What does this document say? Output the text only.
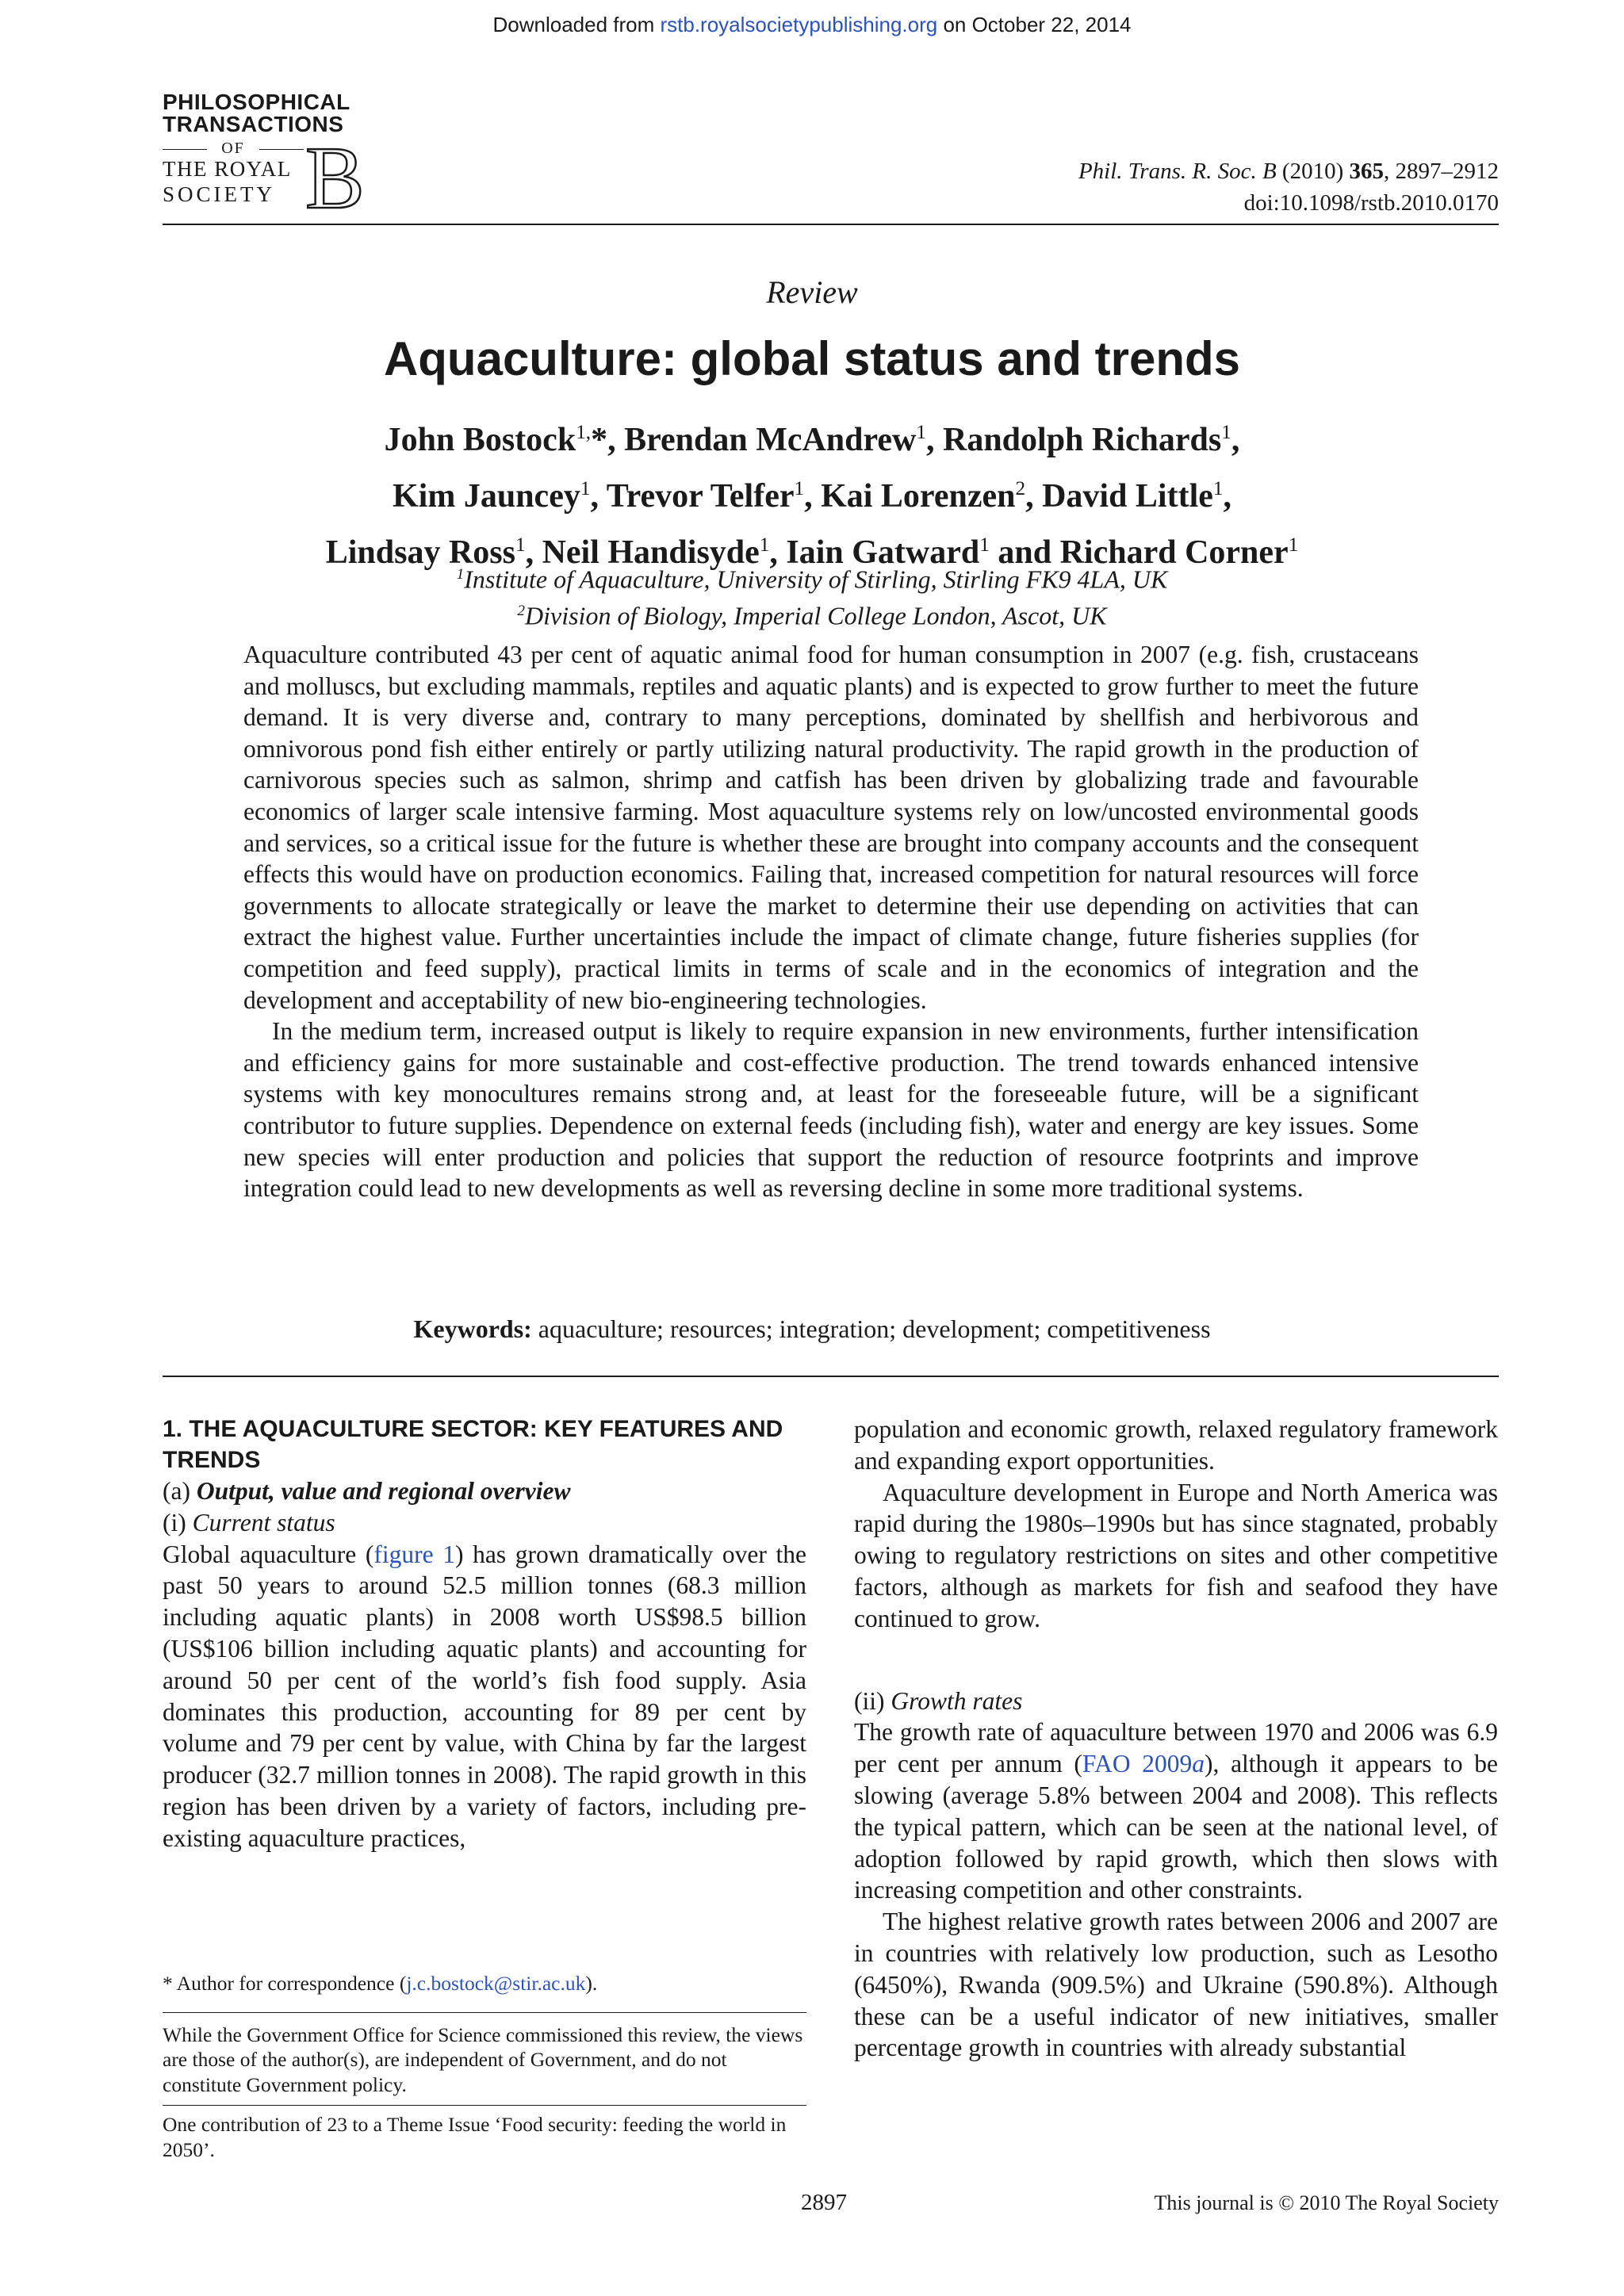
Downloaded from rstb.royalsocietypublishing.org on October 22, 2014
PHILOSOPHICAL
TRANSACTIONS
OF
THE ROYAL
SOCIETY B	Phil. Trans. R. Soc. B (2010) 365, 2897–2912
doi:10.1098/rstb.2010.0170
Review
Aquaculture: global status and trends
John Bostock$^{1,}$*, Brendan McAndrew$^1$, Randolph Richards$^1$,
Kim Jauncey$^1$, Trevor Telfer$^1$, Kai Lorenzen$^2$, David Little$^1$,
Lindsay Ross$^1$, Neil Handisyde$^1$, Iain Gatward$^1$ and Richard Corner$^1$
$^1$Institute of Aquaculture, University of Stirling, Stirling FK9 4LA, UK
$^2$Division of Biology, Imperial College London, Ascot, UK

Aquaculture contributed 43 per cent of aquatic animal food for human consumption in 2007 (e.g. fish, crustaceans and molluscs, but excluding mammals, reptiles and aquatic plants) and is expected to grow further to meet the future demand. It is very diverse and, contrary to many perceptions, dominated by shellfish and herbivorous and omnivorous pond fish either entirely or partly utilizing natural productivity. The rapid growth in the production of carnivorous species such as salmon, shrimp and catfish has been driven by globalizing trade and favourable economics of larger scale intensive farming. Most aquaculture systems rely on low/uncosted environmental goods and services, so a critical issue for the future is whether these are brought into company accounts and the consequent effects this would have on production economics. Failing that, increased competition for natural resources will force governments to allocate strategically or leave the market to determine their use depending on activities that can extract the highest value. Further uncertainties include the impact of climate change, future fisheries supplies (for competition and feed supply), practical limits in terms of scale and in the economics of integration and the development and acceptability of new bio-engineering technologies.

In the medium term, increased output is likely to require expansion in new environments, further intensification and efficiency gains for more sustainable and cost-effective production. The trend towards enhanced intensive systems with key monocultures remains strong and, at least for the foreseeable future, will be a significant contributor to future supplies. Dependence on external feeds (including fish), water and energy are key issues. Some new species will enter production and policies that support the reduction of resource footprints and improve integration could lead to new developments as well as reversing decline in some more traditional systems.

Keywords: aquaculture; resources; integration; development; competitiveness

1. THE AQUACULTURE SECTOR: KEY FEATURES AND TRENDS

(a) Output, value and regional overview

(i) Current status

Global aquaculture (figure 1) has grown dramatically over the past 50 years to around 52.5 million tonnes (68.3 million including aquatic plants) in 2008 worth US$98.5 billion (US$106 billion including aquatic plants) and accounting for around 50 per cent of the world’s fish food supply. Asia dominates this production, accounting for 89 per cent by volume and 79 per cent by value, with China by far the largest producer (32.7 million tonnes in 2008). The rapid growth in this region has been driven by a variety of factors, including pre-existing aquaculture practices,

population and economic growth, relaxed regulatory framework and expanding export opportunities.

Aquaculture development in Europe and North America was rapid during the 1980s–1990s but has since stagnated, probably owing to regulatory restrictions on sites and other competitive factors, although as markets for fish and seafood they have continued to grow.

(ii) Growth rates

The growth rate of aquaculture between 1970 and 2006 was 6.9 per cent per annum (FAO 2009a), although it appears to be slowing (average 5.8% between 2004 and 2008). This reflects the typical pattern, which can be seen at the national level, of adoption followed by rapid growth, which then slows with increasing competition and other constraints.

The highest relative growth rates between 2006 and 2007 are in countries with relatively low production, such as Lesotho (6450%), Rwanda (909.5%) and Ukraine (590.8%). Although these can be a useful indicator of new initiatives, smaller percentage growth in countries with already substantial

* Author for correspondence (j.c.bostock@stir.ac.uk).

While the Government Office for Science commissioned this review, the views are those of the author(s), are independent of Government, and do not constitute Government policy.

One contribution of 23 to a Theme Issue ‘Food security: feeding the world in 2050’.

2897	This journal is © 2010 The Royal Society
